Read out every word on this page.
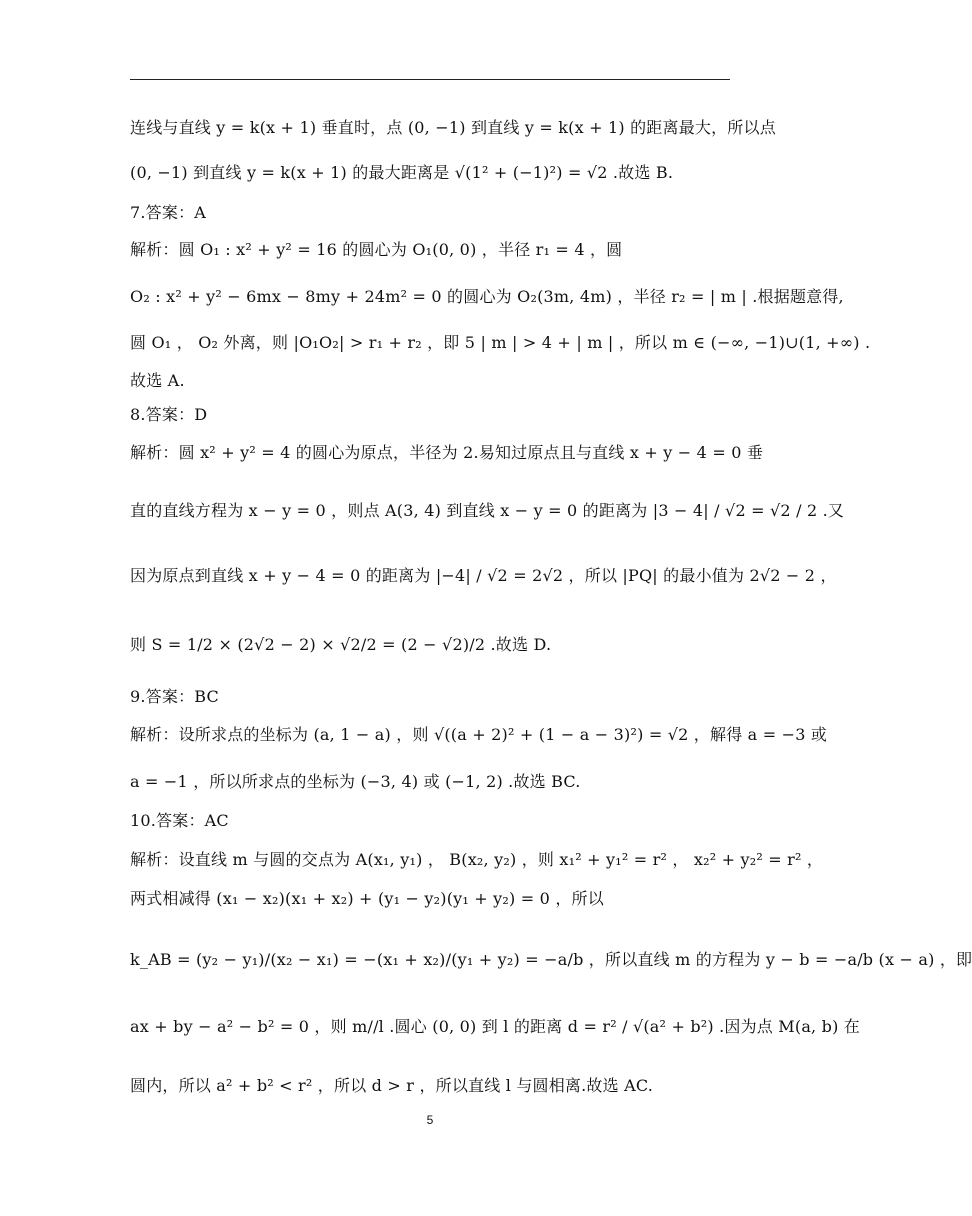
连线与直线 y = k(x + 1) 垂直时，点 (0, −1) 到直线 y = k(x + 1) 的距离最大，所以点
(0, −1) 到直线 y = k(x + 1) 的最大距离是 √(1² + (−1)²) = √2 .故选 B.
7.答案：A
解析：圆 O₁ : x² + y² = 16 的圆心为 O₁(0, 0) ，半径 r₁ = 4 ，圆
O₂ : x² + y² − 6mx − 8my + 24m² = 0 的圆心为 O₂(3m, 4m) ，半径 r₂ = | m | .根据题意得,
圆 O₁ ， O₂ 外离，则 |O₁O₂| > r₁ + r₂ ，即 5 | m | > 4 + | m | ，所以 m ∈ (−∞, −1)∪(1, +∞) .
故选 A.
8.答案：D
解析：圆 x² + y² = 4 的圆心为原点，半径为 2.易知过原点且与直线 x + y − 4 = 0 垂
直的直线方程为 x − y = 0 ，则点 A(3, 4) 到直线 x − y = 0 的距离为 |3 − 4| / √2 = √2 / 2 .又
因为原点到直线 x + y − 4 = 0 的距离为 |−4| / √2 = 2√2 ，所以 |PQ| 的最小值为 2√2 − 2 ，
则 S = 1/2 × (2√2 − 2) × √2/2 = (2 − √2)/2 .故选 D.
9.答案：BC
解析：设所求点的坐标为 (a, 1 − a) ，则 √((a + 2)² + (1 − a − 3)²) = √2 ，解得 a = −3 或
a = −1 ，所以所求点的坐标为 (−3, 4) 或 (−1, 2) .故选 BC.
10.答案：AC
解析：设直线 m 与圆的交点为 A(x₁, y₁) ， B(x₂, y₂) ，则 x₁² + y₁² = r² ， x₂² + y₂² = r² ，
两式相减得 (x₁ − x₂)(x₁ + x₂) + (y₁ − y₂)(y₁ + y₂) = 0 ，所以
k_AB = (y₂ − y₁)/(x₂ − x₁) = −(x₁ + x₂)/(y₁ + y₂) = −a/b ，所以直线 m 的方程为 y − b = −a/b (x − a) ，即
ax + by − a² − b² = 0 ，则 m//l .圆心 (0, 0) 到 l 的距离 d = r² / √(a² + b²) .因为点 M(a, b) 在
圆内，所以 a² + b² < r² ，所以 d > r ，所以直线 l 与圆相离.故选 AC.
5
